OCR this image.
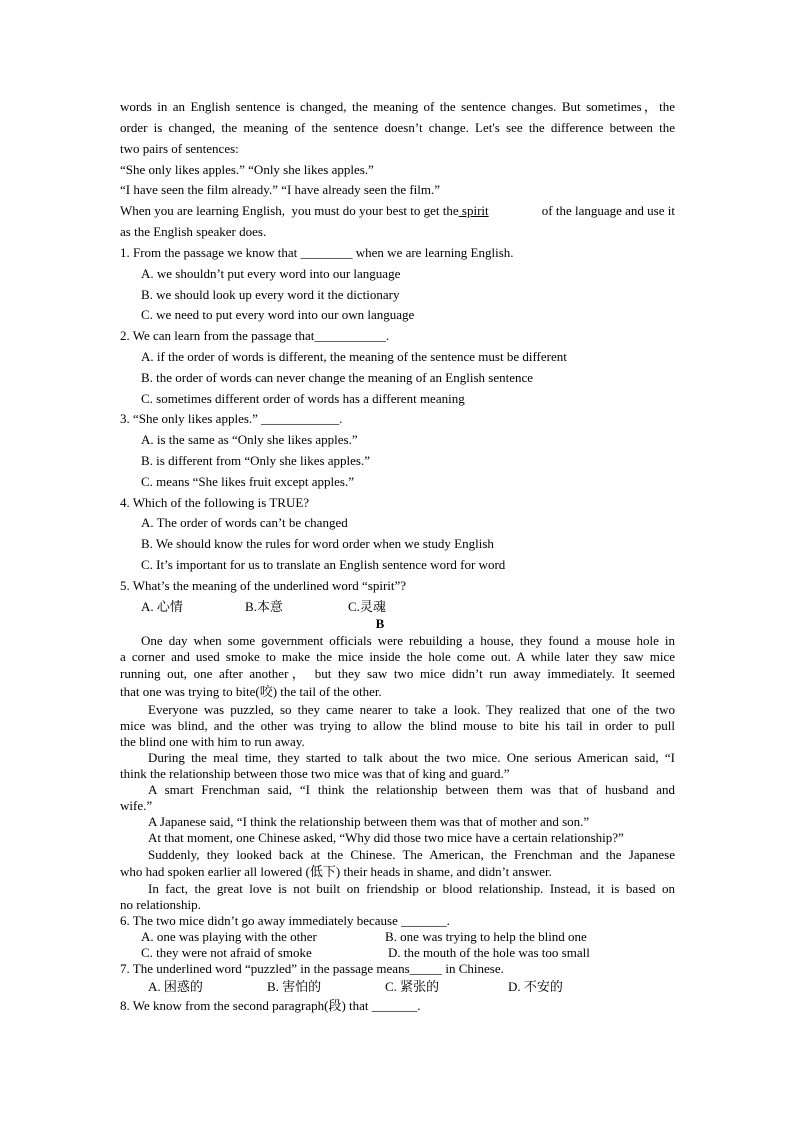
words in an English sentence is changed, the meaning of the sentence changes. But sometimes，the
order is changed, the meaning of the sentence doesn’t change. Let's see the difference between the
two pairs of sentences:
“She only likes apples.” “Only she likes apples.”
“I have seen the film already.” “I have already seen the film.”
When you are learning English,  you must do your best to get the spirit	of the language and use it
as the English speaker does.
1. From the passage we know that ________ when we are learning English.
A. we shouldn’t put every word into our language
B. we should look up every word it the dictionary
C. we need to put every word into our own language
2. We can learn from the passage that___________.
A. if the order of words is different, the meaning of the sentence must be different
B. the order of words can never change the meaning of an English sentence
C. sometimes different order of words has a different meaning
3. “She only likes apples.” ____________.
A. is the same as “Only she likes apples.”
B. is different from “Only she likes apples.”
C. means “She likes fruit except apples.”
4. Which of the following is TRUE?
A. The order of words can’t be changed
B. We should know the rules for word order when we study English
C. It’s important for us to translate an English sentence word for word
5. What’s the meaning of the underlined word “spirit”?
A. 心情	B.本意	C.灵魂
B
One day when some government officials were rebuilding a house, they found a mouse hole in
a corner and used smoke to make the mice inside the hole come out. A while later they saw mice
running out, one after another， but they saw two mice didn’t run away immediately. It seemed
that one was trying to bite(咬) the tail of the other.
Everyone was puzzled, so they came nearer to take a look. They realized that one of the two
mice was blind, and the other was trying to allow the blind mouse to bite his tail in order to pull
the blind one with him to run away.
During the meal time, they started to talk about the two mice. One serious American said, “I
think the relationship between those two mice was that of king and guard.”
A smart Frenchman said, “I think the relationship between them was that of husband and
wife.”
A Japanese said, “I think the relationship between them was that of mother and son.”
At that moment, one Chinese asked, “Why did those two mice have a certain relationship?”
Suddenly, they looked back at the Chinese. The American, the Frenchman and the Japanese
who had spoken earlier all lowered (低下) their heads in shame, and didn’t answer.
In fact, the great love is not built on friendship or blood relationship. Instead, it is based on
no relationship.
6. The two mice didn’t go away immediately because _______.
A. one was playing with the other	B. one was trying to help the blind one
C. they were not afraid of smoke	D. the mouth of the hole was too small
7. The underlined word “puzzled” in the passage means_____ in Chinese.
A. 困惑的	B. 害怕的	C. 紧张的	D. 不安的
8. We know from the second paragraph(段) that _______.
